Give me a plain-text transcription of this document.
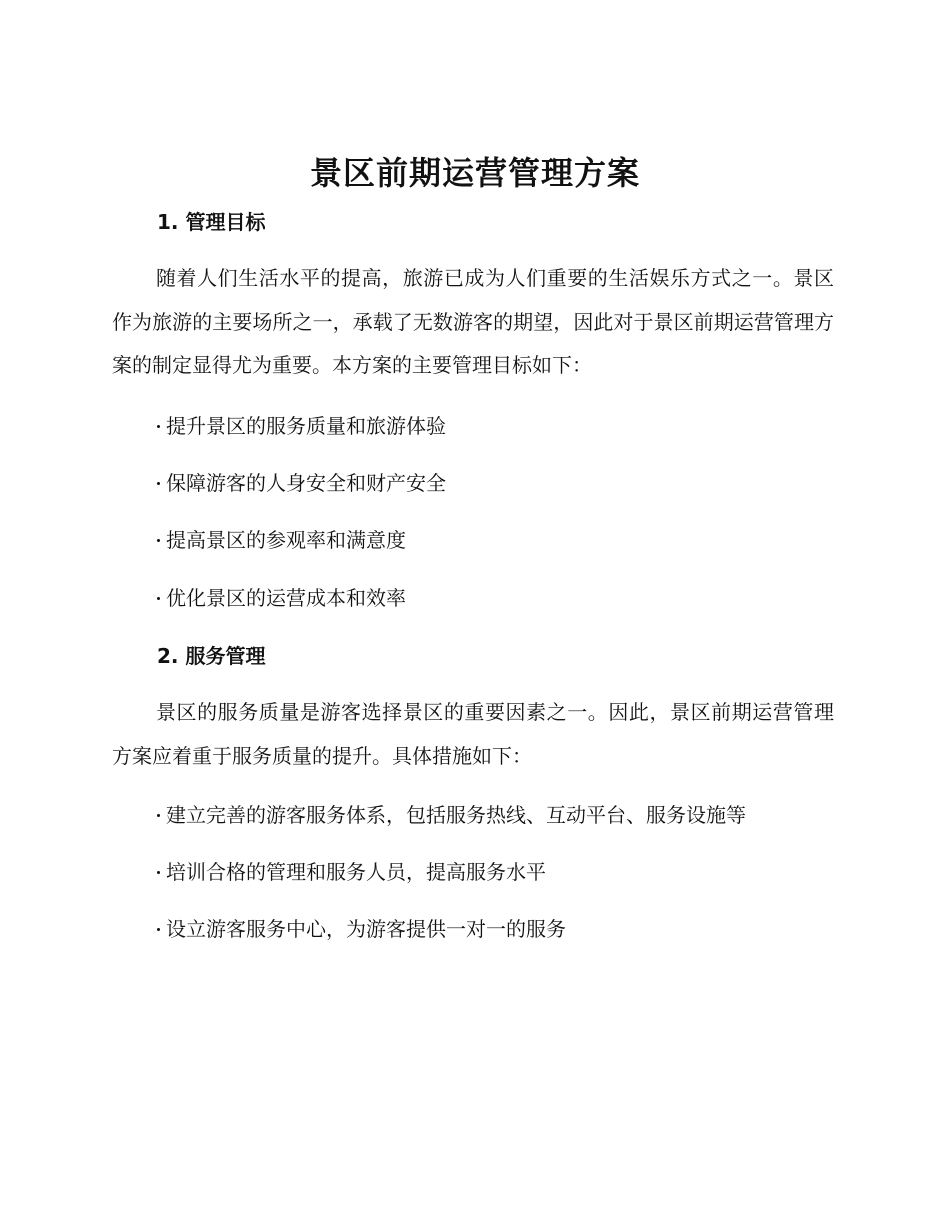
景区前期运营管理方案
1. 管理目标

随着人们生活水平的提高，旅游已成为人们重要的生活娱乐方式之一。景区作为旅游的主要场所之一，承载了无数游客的期望，因此对于景区前期运营管理方案的制定显得尤为重要。本方案的主要管理目标如下：

提升景区的服务质量和旅游体验
保障游客的人身安全和财产安全
提高景区的参观率和满意度
优化景区的运营成本和效率
2. 服务管理

景区的服务质量是游客选择景区的重要因素之一。因此，景区前期运营管理方案应着重于服务质量的提升。具体措施如下：

建立完善的游客服务体系，包括服务热线、互动平台、服务设施等
培训合格的管理和服务人员，提高服务水平
设立游客服务中心，为游客提供一对一的服务
